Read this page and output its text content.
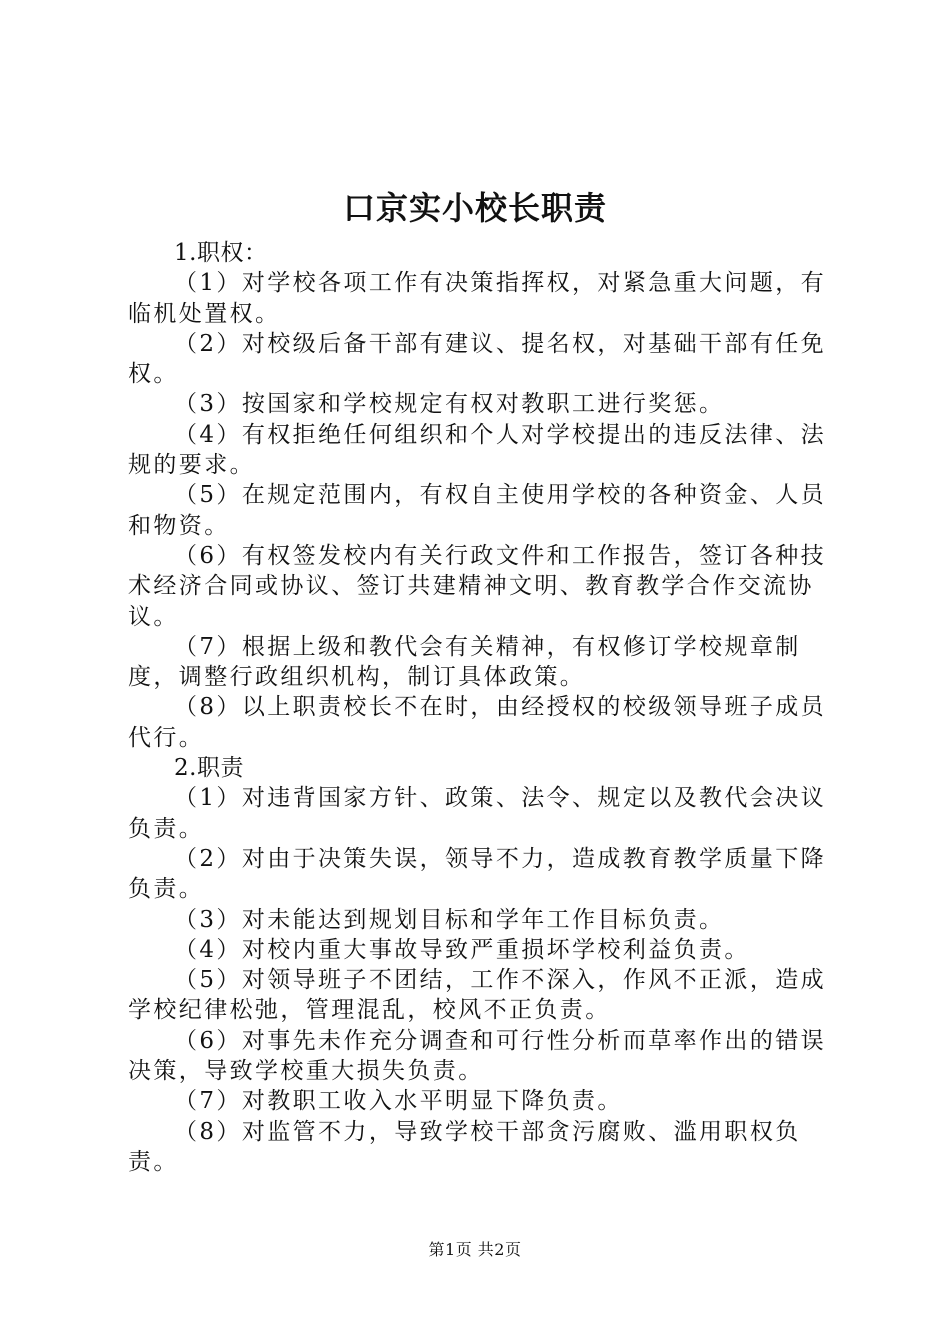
口京实小校长职责

1.职权：

（1）对学校各项工作有决策指挥权，对紧急重大问题，有临机处置权。

（2）对校级后备干部有建议、提名权，对基础干部有任免权。

（3）按国家和学校规定有权对教职工进行奖惩。

（4）有权拒绝任何组织和个人对学校提出的违反法律、法规的要求。

（5）在规定范围内，有权自主使用学校的各种资金、人员和物资。

（6）有权签发校内有关行政文件和工作报告，签订各种技术经济合同或协议、签订共建精神文明、教育教学合作交流协议。

（7）根据上级和教代会有关精神，有权修订学校规章制度，调整行政组织机构，制订具体政策。

（8）以上职责校长不在时，由经授权的校级领导班子成员代行。

2.职责

（1）对违背国家方针、政策、法令、规定以及教代会决议负责。

（2）对由于决策失误，领导不力，造成教育教学质量下降负责。

（3）对未能达到规划目标和学年工作目标负责。

（4）对校内重大事故导致严重损坏学校利益负责。

（5）对领导班子不团结，工作不深入，作风不正派，造成学校纪律松弛，管理混乱，校风不正负责。

（6）对事先未作充分调查和可行性分析而草率作出的错误决策，导致学校重大损失负责。

（7）对教职工收入水平明显下降负责。

（8）对监管不力，导致学校干部贪污腐败、滥用职权负责。

第1页 共2页
